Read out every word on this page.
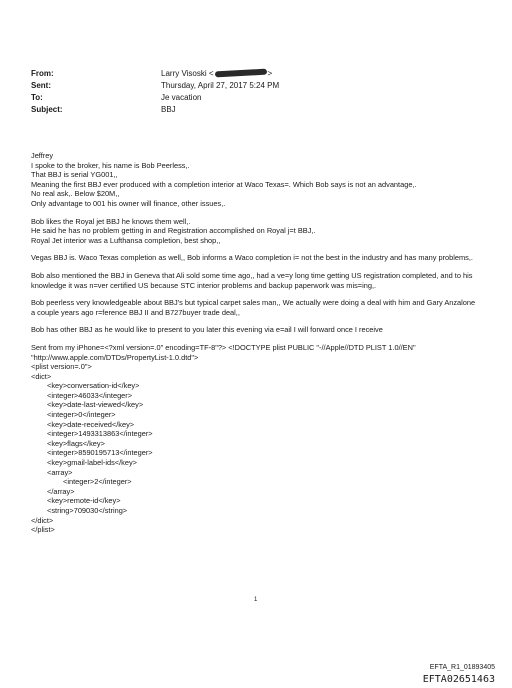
From:	Larry Visoski <	>
Sent:	Thursday, April 27, 2017 5:24 PM
To:	Je vacation
Subject:	BBJ

Jeffrey
I spoke to the broker, his name is Bob Peerless,.
That BBJ is serial YG001,,
Meaning the first BBJ ever produced with a completion interior at Waco Texas=. Which Bob says is not an advantage,.
No real ask,. Below $20M,,
Only advantage to 001 his owner will finance, other issues,.

Bob likes the Royal jet BBJ he knows them well,.
He said he has no problem getting in and Registration accomplished on Royal j=t BBJ,.
Royal Jet interior was a Lufthansa completion, best shop,,

Vegas BBJ is. Waco Texas completion as well,, Bob informs a Waco completion i= not the best in the industry and has many problems,.

Bob also mentioned the BBJ in Geneva that Ali sold some time ago,, had a ve=y long time getting US registration completed, and to his knowledge it was n=ver certified US because STC interior problems and backup paperwork was mis=ing,.

Bob peerless very knowledgeable about BBJ's but typical carpet sales man,, We actually were doing a deal with him and Gary Anzalone a couple years ago r=ference BBJ II and B727buyer trade deal,,

Bob has other BBJ as he would like to present to you later this evening via e=ail I will forward once I receive

Sent from my iPhone=<?xml version=.0" encoding=TF-8"?> <!DOCTYPE plist PUBLIC "-//Apple//DTD PLIST 1.0//EN"
"http://www.apple.com/DTDs/PropertyList-1.0.dtd">
<plist version=.0">
<dict>
<key>conversation-id</key>
<integer>46033</integer>
<key>date-last-viewed</key>
<integer>0</integer>
<key>date-received</key>
<integer>1493313863</integer>
<key>flags</key>
<integer>8590195713</integer>
<key>gmail-label-ids</key>
<array>
<integer>2</integer>
</array>
<key>remote-id</key>
<string>709030</string>
</dict>
</plist>
1
EFTA_R1_01893405
EFTA02651463
